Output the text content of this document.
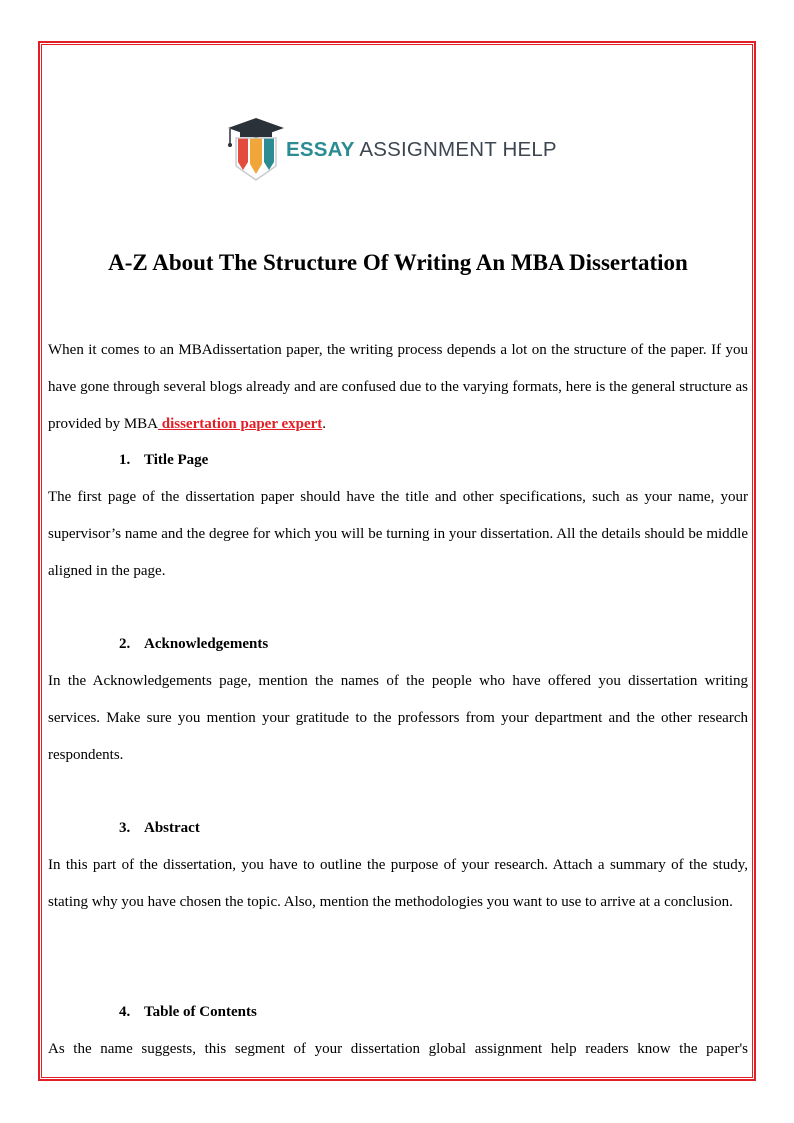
ESSAY ASSIGNMENT HELP
A-Z About The Structure Of Writing An MBA Dissertation

When it comes to an MBAdissertation paper, the writing process depends a lot on the structure of the paper. If you have gone through several blogs already and are confused due to the varying formats, here is the general structure as provided by MBA dissertation paper expert.

1. Title Page

The first page of the dissertation paper should have the title and other specifications, such as your name, your supervisor’s name and the degree for which you will be turning in your dissertation. All the details should be middle aligned in the page.

2. Acknowledgements

In the Acknowledgements page, mention the names of the people who have offered you dissertation writing services. Make sure you mention your gratitude to the professors from your department and the other research respondents.

3. Abstract

In this part of the dissertation, you have to outline the purpose of your research. Attach a summary of the study, stating why you have chosen the topic. Also, mention the methodologies you want to use to arrive at a conclusion.

4. Table of Contents

As the name suggests, this segment of your dissertation global assignment help readers know the paper's
